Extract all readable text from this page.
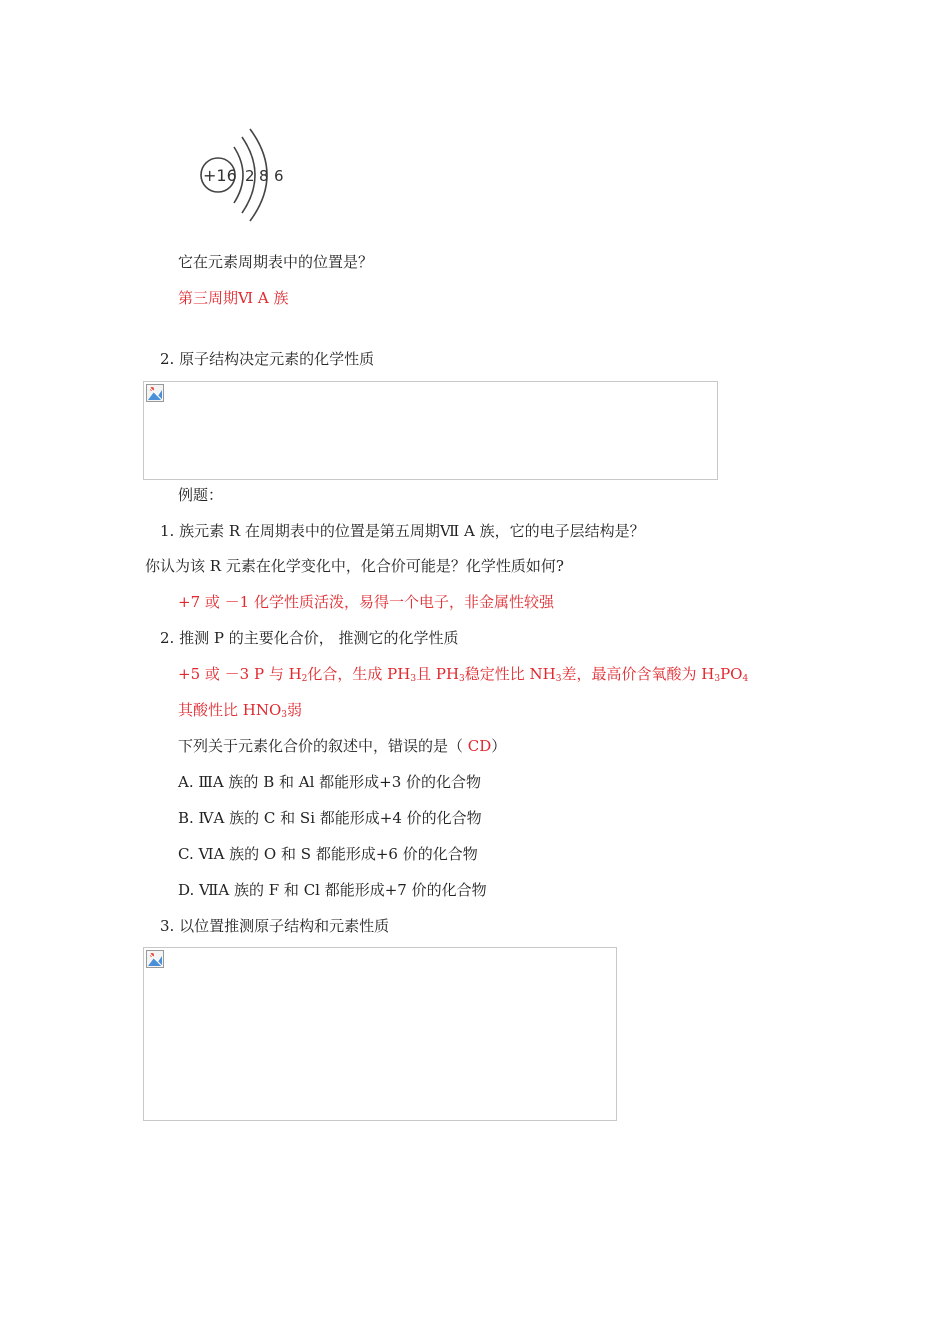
+16 2 8 6
它在元素周期表中的位置是？
第三周期Ⅵ A 族
2. 原子结构决定元素的化学性质
例题：
1. 族元素 R 在周期表中的位置是第五周期Ⅶ A 族，它的电子层结构是？
你认为该 R 元素在化学变化中，化合价可能是？化学性质如何?
+7 或 －1 化学性质活泼，易得一个电子，非金属性较强
2. 推测 P 的主要化合价， 推测它的化学性质
+5 或 －3 P 与 $H_2$化合，生成 $PH_3$且 $PH_3$稳定性比 $NH_3$差，最高价含氧酸为 $H_3PO_4$
其酸性比 $HNO_3$弱
下列关于元素化合价的叙述中，错误的是（ CD）
A. ⅢA 族的 B 和 Al 都能形成+3 价的化合物
B. ⅣA 族的 C 和 Si 都能形成+4 价的化合物
C. ⅥA 族的 O 和 S 都能形成+6 价的化合物
D. ⅦA 族的 F 和 Cl 都能形成+7 价的化合物
3. 以位置推测原子结构和元素性质
